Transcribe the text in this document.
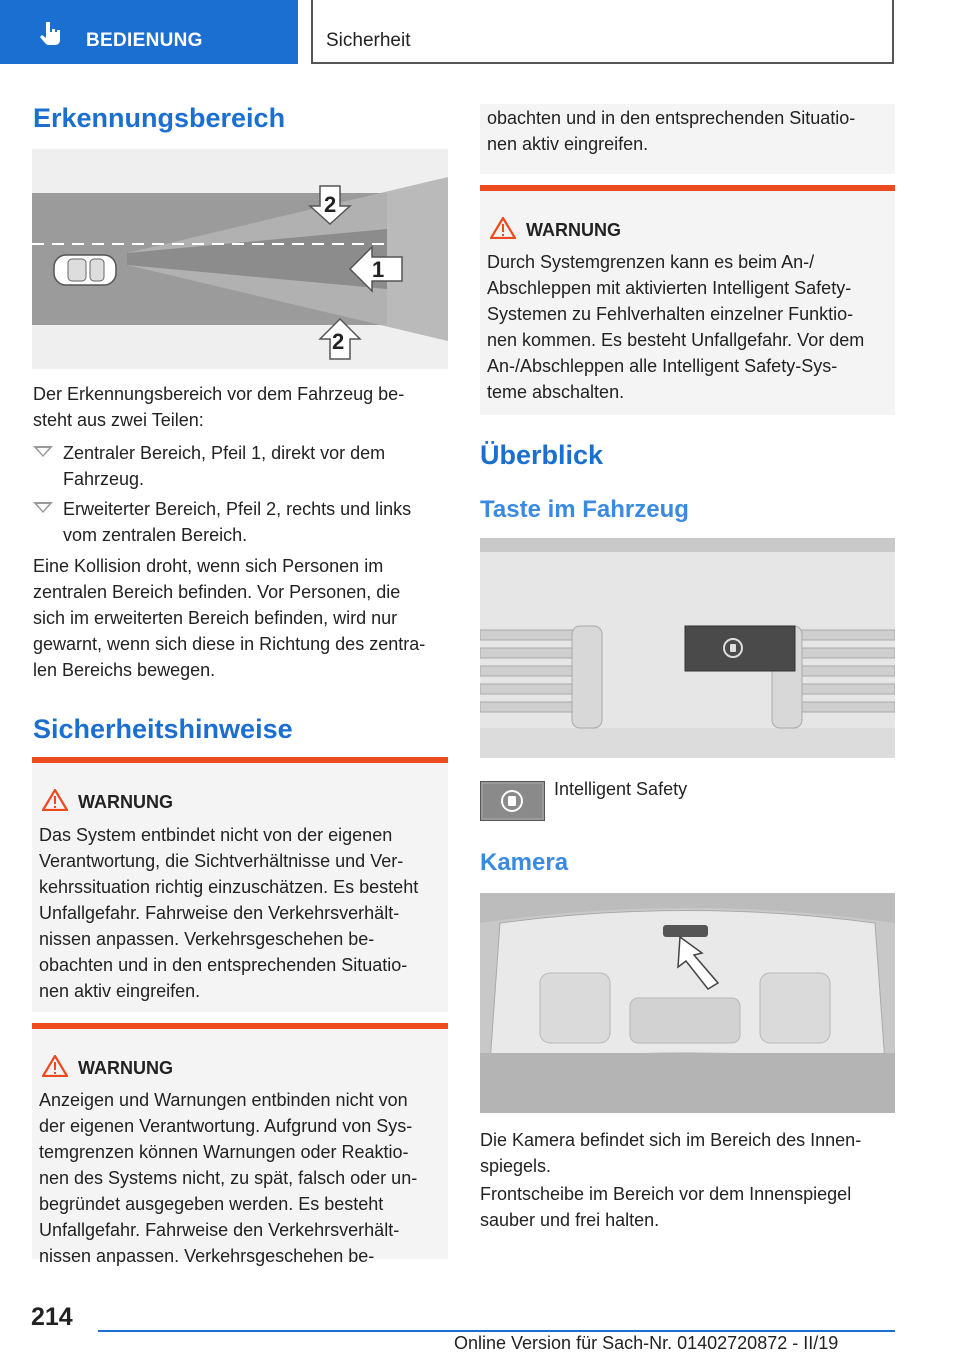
BEDIENUNG	Sicherheit
Erkennungsbereich
2
1
2

Der Erkennungsbereich vor dem Fahrzeug be‐
steht aus zwei Teilen:

Zentraler Bereich, Pfeil 1, direkt vor dem
Fahrzeug.
Erweiterter Bereich, Pfeil 2, rechts und links
vom zentralen Bereich.

Eine Kollision droht, wenn sich Personen im
zentralen Bereich befinden. Vor Personen, die
sich im erweiterten Bereich befinden, wird nur
gewarnt, wenn sich diese in Richtung des zentra‐
len Bereichs bewegen.

Sicherheitshinweise
WARNUNG

Das System entbindet nicht von der eigenen
Verantwortung, die Sichtverhältnisse und Ver‐
kehrssituation richtig einzuschätzen. Es besteht
Unfallgefahr. Fahrweise den Verkehrsverhält‐
nissen anpassen. Verkehrsgeschehen be‐
obachten und in den entsprechenden Situatio‐
nen aktiv eingreifen.

WARNUNG

Anzeigen und Warnungen entbinden nicht von
der eigenen Verantwortung. Aufgrund von Sys‐
temgrenzen können Warnungen oder Reaktio‐
nen des Systems nicht, zu spät, falsch oder un‐
begründet ausgegeben werden. Es besteht
Unfallgefahr. Fahrweise den Verkehrsverhält‐
nissen anpassen. Verkehrsgeschehen be‐

obachten und in den entsprechenden Situatio‐
nen aktiv eingreifen.

WARNUNG

Durch Systemgrenzen kann es beim An-/
Abschleppen mit aktivierten Intelligent Safety-
Systemen zu Fehlverhalten einzelner Funktio‐
nen kommen. Es besteht Unfallgefahr. Vor dem
An-/Abschleppen alle Intelligent Safety-Sys‐
teme abschalten.

Überblick
Taste im Fahrzeug
Intelligent Safety
Kamera

Die Kamera befindet sich im Bereich des Innen‐
spiegels.

Frontscheibe im Bereich vor dem Innenspiegel
sauber und frei halten.

214
Online Version für Sach-Nr. 01402720872 - II/19
